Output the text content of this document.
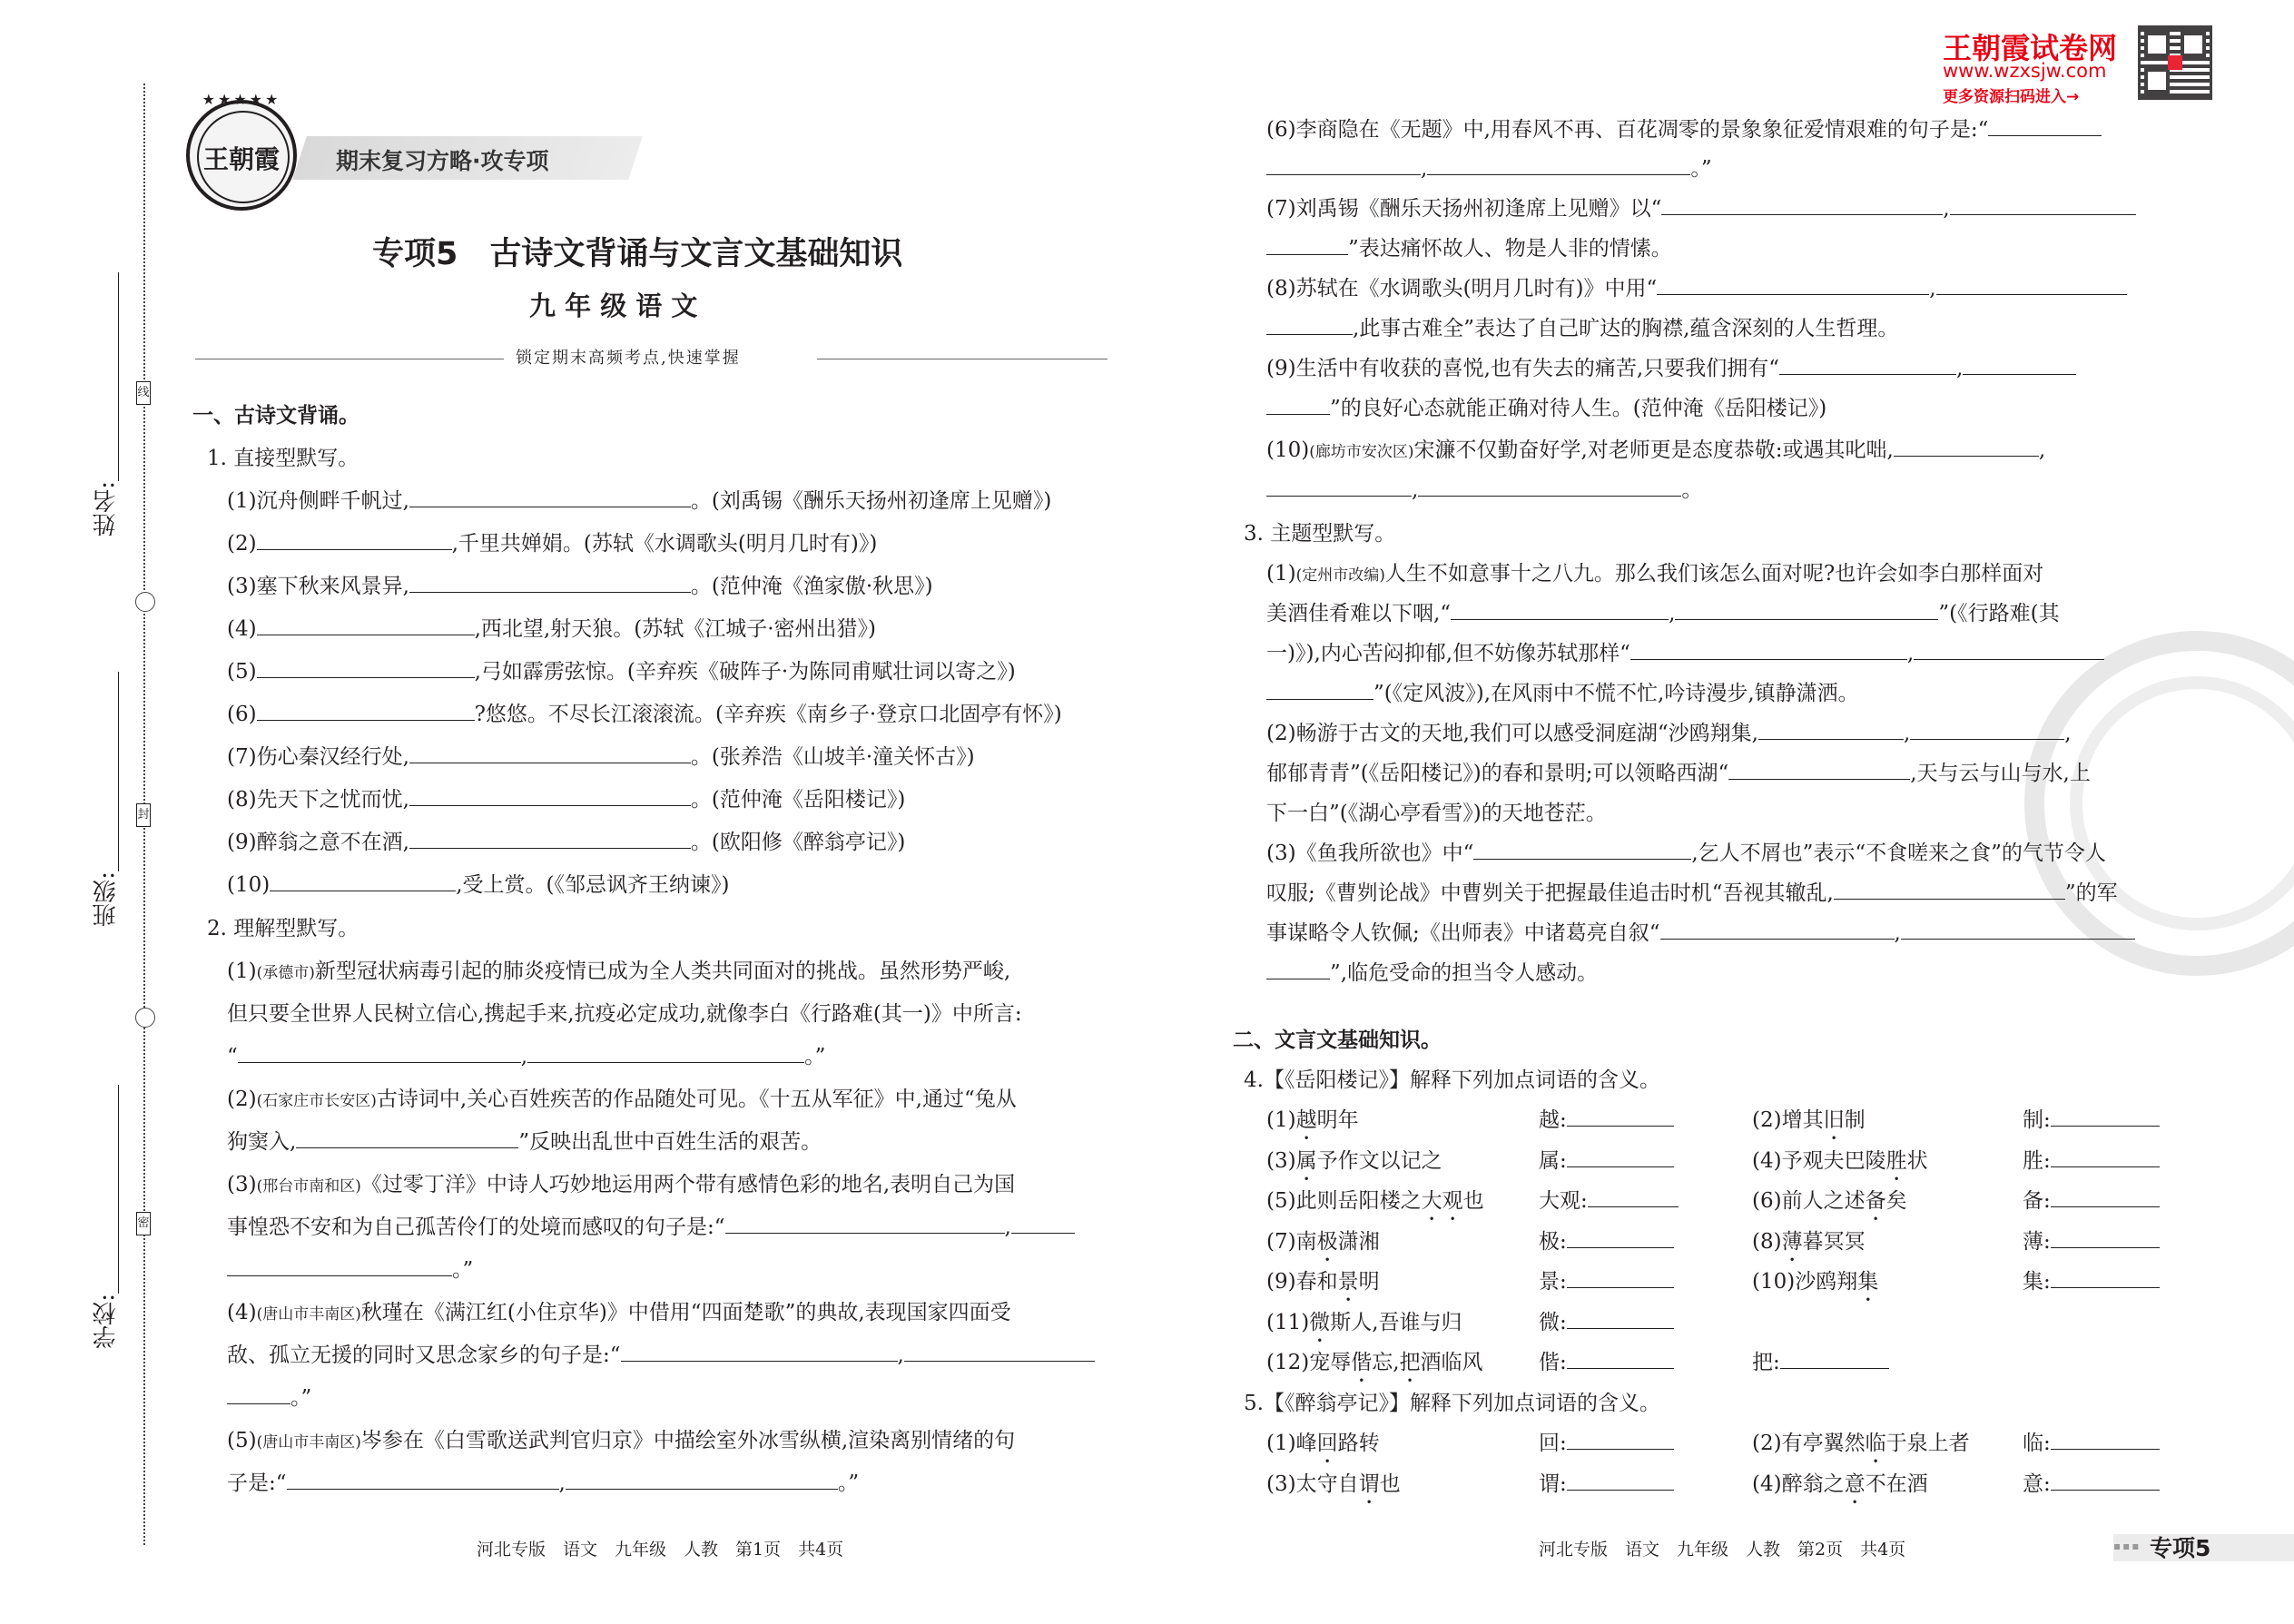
线
封
密
姓名:
班级:
学校:
王朝霞
★★★★★
期末复习方略·攻专项
专项5　古诗文背诵与文言文基础知识
九 年 级 语 文
锁定期末高频考点,快速掌握
一、古诗文背诵。
1. 直接型默写。
(1)沉舟侧畔千帆过,	。(刘禹锡《酬乐天扬州初逢席上见赠》)
(2)	,千里共婵娟。(苏轼《水调歌头(明月几时有)》)
(3)塞下秋来风景异,	。(范仲淹《渔家傲·秋思》)
(4)	,西北望,射天狼。(苏轼《江城子·密州出猎》)
(5)	,弓如霹雳弦惊。(辛弃疾《破阵子·为陈同甫赋壮词以寄之》)
(6)	?悠悠。不尽长江滚滚流。(辛弃疾《南乡子·登京口北固亭有怀》)
(7)伤心秦汉经行处,	。(张养浩《山坡羊·潼关怀古》)
(8)先天下之忧而忧,	。(范仲淹《岳阳楼记》)
(9)醉翁之意不在酒,	。(欧阳修《醉翁亭记》)
(10)	,受上赏。(《邹忌讽齐王纳谏》)
2. 理解型默写。
(1)(承德市)新型冠状病毒引起的肺炎疫情已成为全人类共同面对的挑战。虽然形势严峻,
但只要全世界人民树立信心,携起手来,抗疫必定成功,就像李白《行路难(其一)》中所言:
“	,	。”
(2)(石家庄市长安区)古诗词中,关心百姓疾苦的作品随处可见。《十五从军征》中,通过“兔从
狗窦入,	”反映出乱世中百姓生活的艰苦。
(3)(邢台市南和区)《过零丁洋》中诗人巧妙地运用两个带有感情色彩的地名,表明自己为国
事惶恐不安和为自己孤苦伶仃的处境而感叹的句子是:“	,
。”
(4)(唐山市丰南区)秋瑾在《满江红(小住京华)》中借用“四面楚歌”的典故,表现国家四面受
敌、孤立无援的同时又思念家乡的句子是:“	,
。”
(5)(唐山市丰南区)岑参在《白雪歌送武判官归京》中描绘室外冰雪纵横,渲染离别情绪的句
子是:“	,	。”
河北专版　语文　九年级　人教　第1页　共4页
王朝霞试卷网
www.wzxsjw.com
更多资源扫码进入→
(6)李商隐在《无题》中,用春风不再、百花凋零的景象象征爱情艰难的句子是:“
,	。”
(7)刘禹锡《酬乐天扬州初逢席上见赠》以“	,
”表达痛怀故人、物是人非的情愫。
(8)苏轼在《水调歌头(明月几时有)》中用“	,
,此事古难全”表达了自己旷达的胸襟,蕴含深刻的人生哲理。
(9)生活中有收获的喜悦,也有失去的痛苦,只要我们拥有“	,
”的良好心态就能正确对待人生。(范仲淹《岳阳楼记》)
(10)(廊坊市安次区)宋濂不仅勤奋好学,对老师更是态度恭敬:或遇其叱咄,	,
,	。
3. 主题型默写。
(1)(定州市改编)人生不如意事十之八九。那么我们该怎么面对呢?也许会如李白那样面对
美酒佳肴难以下咽,“	,	”(《行路难(其
一)》),内心苦闷抑郁,但不妨像苏轼那样“	,
”(《定风波》),在风雨中不慌不忙,吟诗漫步,镇静潇洒。
(2)畅游于古文的天地,我们可以感受洞庭湖“沙鸥翔集,	,	,
郁郁青青”(《岳阳楼记》)的春和景明;可以领略西湖“	,天与云与山与水,上
下一白”(《湖心亭看雪》)的天地苍茫。
(3)《鱼我所欲也》中“	,乞人不屑也”表示“不食嗟来之食”的气节令人
叹服;《曹刿论战》中曹刿关于把握最佳追击时机“吾视其辙乱,	”的军
事谋略令人钦佩;《出师表》中诸葛亮自叙“	,
”,临危受命的担当令人感动。
二、文言文基础知识。
4.【《岳阳楼记》】解释下列加点词语的含义。
(1)越明年	越:	(2)增其旧制	制:
(3)属予作文以记之	属:	(4)予观夫巴陵胜状	胜:
(5)此则岳阳楼之大观也	大观:	(6)前人之述备矣	备:
(7)南极潇湘	极:	(8)薄暮冥冥	薄:
(9)春和景明	景:	(10)沙鸥翔集	集:
(11)微斯人,吾谁与归	微:
(12)宠辱偕忘,把酒临风	偕:	把:
5.【《醉翁亭记》】解释下列加点词语的含义。
(1)峰回路转	回:	(2)有亭翼然临于泉上者	临:
(3)太守自谓也	谓:	(4)醉翁之意不在酒	意:
河北专版　语文　九年级　人教　第2页　共4页	▪▪▪ 专项5
